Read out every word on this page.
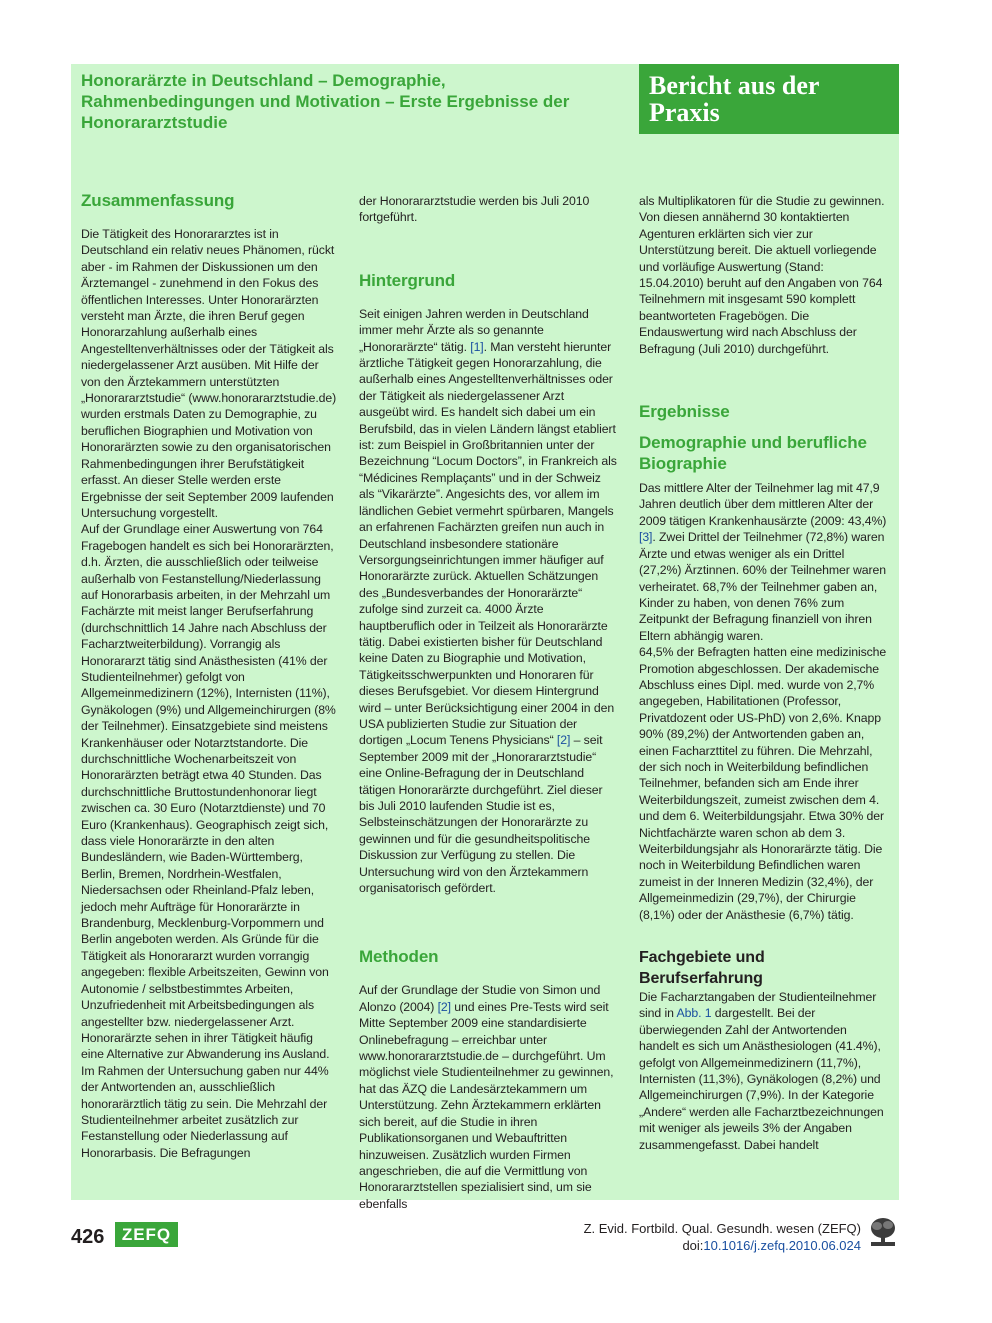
Honorarärzte in Deutschland – Demographie, Rahmenbedingungen und Motivation – Erste Ergebnisse der Honorararztstudie
Bericht aus der Praxis
Zusammenfassung

Die Tätigkeit des Honorararztes ist in Deutschland ein relativ neues Phänomen, rückt aber - im Rahmen der Diskussionen um den Ärztemangel - zunehmend in den Fokus des öffentlichen Interesses. Unter Honorarärzten versteht man Ärzte, die ihren Beruf gegen Honorarzahlung außerhalb eines Angestelltenverhältnisses oder der Tätigkeit als niedergelassener Arzt ausüben. Mit Hilfe der von den Ärztekammern unterstützten „Honorararztstudie“ (www.honorararztstudie.de) wurden erstmals Daten zu Demographie, zu beruflichen Biographien und Motivation von Honorarärzten sowie zu den organisatorischen Rahmenbedingungen ihrer Berufstätigkeit erfasst. An dieser Stelle werden erste Ergebnisse der seit September 2009 laufenden Untersuchung vorgestellt.

Auf der Grundlage einer Auswertung von 764 Fragebogen handelt es sich bei Honorarärzten, d.h. Ärzten, die ausschließlich oder teilweise außerhalb von Festanstellung/Niederlassung auf Honorarbasis arbeiten, in der Mehrzahl um Fachärzte mit meist langer Berufserfahrung (durchschnittlich 14 Jahre nach Abschluss der Facharztweiterbildung). Vorrangig als Honorararzt tätig sind Anästhesisten (41% der Studienteilnehmer) gefolgt von Allgemeinmedizinern (12%), Internisten (11%), Gynäkologen (9%) und Allgemeinchirurgen (8% der Teilnehmer). Einsatzgebiete sind meistens Krankenhäuser oder Notarztstandorte. Die durchschnittliche Wochenarbeitszeit von Honorarärzten beträgt etwa 40 Stunden. Das durchschnittliche Bruttostundenhonorar liegt zwischen ca. 30 Euro (Notarztdienste) und 70 Euro (Krankenhaus). Geographisch zeigt sich, dass viele Honorarärzte in den alten Bundesländern, wie Baden-Württemberg, Berlin, Bremen, Nordrhein-Westfalen, Niedersachsen oder Rheinland-Pfalz leben, jedoch mehr Aufträge für Honorarärzte in Brandenburg, Mecklenburg-Vorpommern und Berlin angeboten werden. Als Gründe für die Tätigkeit als Honorararzt wurden vorrangig angegeben: flexible Arbeitszeiten, Gewinn von Autonomie / selbstbestimmtes Arbeiten, Unzufriedenheit mit Arbeitsbedingungen als angestellter bzw. niedergelassener Arzt. Honorarärzte sehen in ihrer Tätigkeit häufig eine Alternative zur Abwanderung ins Ausland. Im Rahmen der Untersuchung gaben nur 44% der Antwortenden an, ausschließlich honorarärztlich tätig zu sein. Die Mehrzahl der Studienteilnehmer arbeitet zusätzlich zur Festanstellung oder Niederlassung auf Honorarbasis. Die Befragungen

der Honorararztstudie werden bis Juli 2010 fortgeführt.

Hintergrund

Seit einigen Jahren werden in Deutschland immer mehr Ärzte als so genannte „Honorarärzte“ tätig. [1]. Man versteht hierunter ärztliche Tätigkeit gegen Honorarzahlung, die außerhalb eines Angestelltenverhältnisses oder der Tätigkeit als niedergelassener Arzt ausgeübt wird. Es handelt sich dabei um ein Berufsbild, das in vielen Ländern längst etabliert ist: zum Beispiel in Großbritannien unter der Bezeichnung “Locum Doctors”, in Frankreich als “Médicines Remplaçants” und in der Schweiz als “Vikarärzte”. Angesichts des, vor allem im ländlichen Gebiet vermehrt spürbaren, Mangels an erfahrenen Fachärzten greifen nun auch in Deutschland insbesondere stationäre Versorgungseinrichtungen immer häufiger auf Honorarärzte zurück. Aktuellen Schätzungen des „Bundesverbandes der Honorarärzte“ zufolge sind zurzeit ca. 4000 Ärzte hauptberuflich oder in Teilzeit als Honorarärzte tätig. Dabei existierten bisher für Deutschland keine Daten zu Biographie und Motivation, Tätigkeitsschwerpunkten und Honoraren für dieses Berufsgebiet. Vor diesem Hintergrund wird – unter Berücksichtigung einer 2004 in den USA publizierten Studie zur Situation der dortigen „Locum Tenens Physicians“ [2] – seit September 2009 mit der „Honorararztstudie“ eine Online-Befragung der in Deutschland tätigen Honorarärzte durchgeführt. Ziel dieser bis Juli 2010 laufenden Studie ist es, Selbsteinschätzungen der Honorarärzte zu gewinnen und für die gesundheitspolitische Diskussion zur Verfügung zu stellen. Die Untersuchung wird von den Ärztekammern organisatorisch gefördert.

Methoden

Auf der Grundlage der Studie von Simon und Alonzo (2004) [2] und eines Pre-Tests wird seit Mitte September 2009 eine standardisierte Onlinebefragung – erreichbar unter www.honorararztstudie.de – durchgeführt. Um möglichst viele Studienteilnehmer zu gewinnen, hat das ÄZQ die Landesärztekammern um Unterstützung. Zehn Ärztekammern erklärten sich bereit, auf die Studie in ihren Publikationsorganen und Webauftritten hinzuweisen. Zusätzlich wurden Firmen angeschrieben, die auf die Vermittlung von Honorararztstellen spezialisiert sind, um sie ebenfalls

als Multiplikatoren für die Studie zu gewinnen. Von diesen annähernd 30 kontaktierten Agenturen erklärten sich vier zur Unterstützung bereit. Die aktuell vorliegende und vorläufige Auswertung (Stand: 15.04.2010) beruht auf den Angaben von 764 Teilnehmern mit insgesamt 590 komplett beantworteten Fragebögen. Die Endauswertung wird nach Abschluss der Befragung (Juli 2010) durchgeführt.

Ergebnisse
Demographie und berufliche Biographie

Das mittlere Alter der Teilnehmer lag mit 47,9 Jahren deutlich über dem mittleren Alter der 2009 tätigen Krankenhausärzte (2009: 43,4%) [3]. Zwei Drittel der Teilnehmer (72,8%) waren Ärzte und etwas weniger als ein Drittel (27,2%) Ärztinnen. 60% der Teilnehmer waren verheiratet. 68,7% der Teilnehmer gaben an, Kinder zu haben, von denen 76% zum Zeitpunkt der Befragung finanziell von ihren Eltern abhängig waren.

64,5% der Befragten hatten eine medizinische Promotion abgeschlossen. Der akademische Abschluss eines Dipl. med. wurde von 2,7% angegeben, Habilitationen (Professor, Privatdozent oder US-PhD) von 2,6%. Knapp 90% (89,2%) der Antwortenden gaben an, einen Facharzttitel zu führen. Die Mehrzahl, der sich noch in Weiterbildung befindlichen Teilnehmer, befanden sich am Ende ihrer Weiterbildungszeit, zumeist zwischen dem 4. und dem 6. Weiterbildungsjahr. Etwa 30% der Nichtfachärzte waren schon ab dem 3. Weiterbildungsjahr als Honorarärzte tätig. Die noch in Weiterbildung Befindlichen waren zumeist in der Inneren Medizin (32,4%), der Allgemeinmedizin (29,7%), der Chirurgie (8,1%) oder der Anästhesie (6,7%) tätig.

Fachgebiete und Berufserfahrung

Die Facharztangaben der Studienteilnehmer sind in Abb. 1 dargestellt. Bei der überwiegenden Zahl der Antwortenden handelt es sich um Anästhesiologen (41.4%), gefolgt von Allgemeinmedizinern (11,7%), Internisten (11,3%), Gynäkologen (8,2%) und Allgemeinchirurgen (7,9%). In der Kategorie „Andere“ werden alle Facharztbezeichnungen mit weniger als jeweils 3% der Angaben zusammengefasst. Dabei handelt

426	ZEFQ	Z. Evid. Fortbild. Qual. Gesundh. wesen (ZEFQ)
doi:10.1016/j.zefq.2010.06.024
